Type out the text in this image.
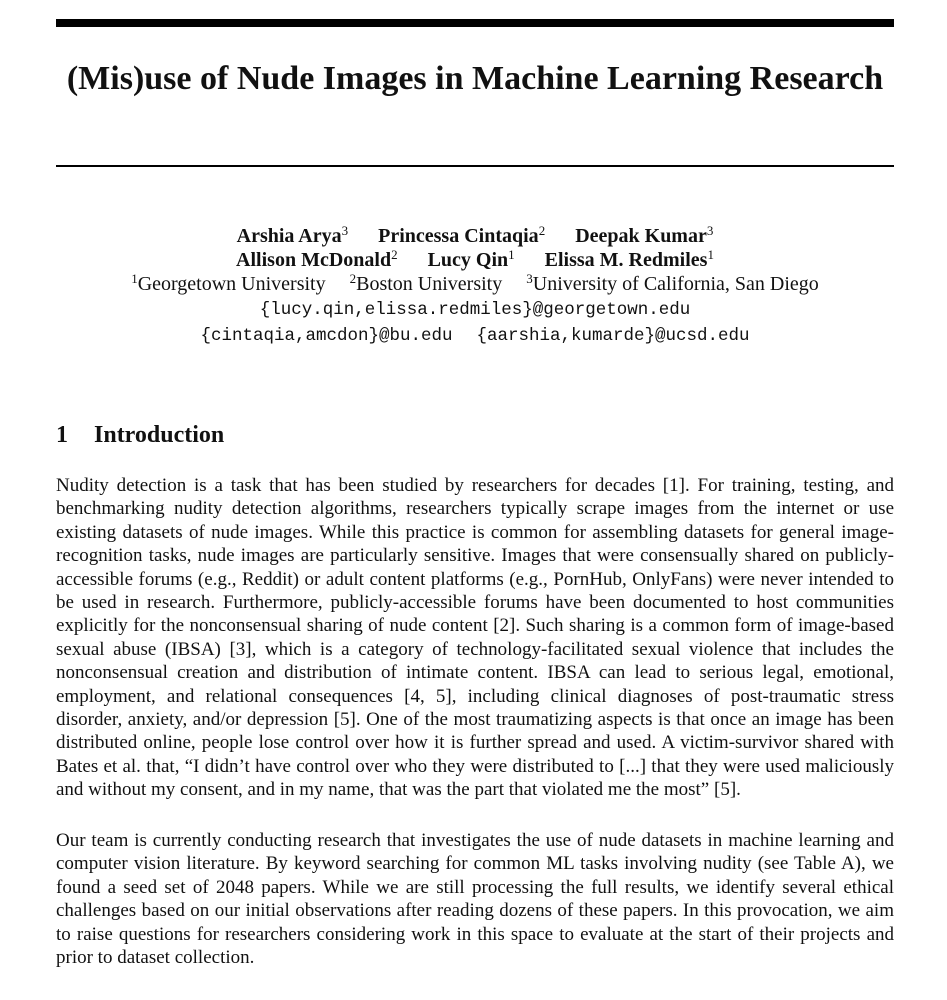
(Mis)use of Nude Images in Machine Learning Research
Arshia Arya$^3$ Princessa Cintaqia$^2$ Deepak Kumar$^3$
Allison McDonald$^2$ Lucy Qin$^1$ Elissa M. Redmiles$^1$
$^1$Georgetown University $^2$Boston University $^3$University of California, San Diego
{lucy.qin,elissa.redmiles}@georgetown.edu
{cintaqia,amcdon}@bu.edu {aarshia,kumarde}@ucsd.edu
1 Introduction

Nudity detection is a task that has been studied by researchers for decades [1]. For training, testing, and benchmarking nudity detection algorithms, researchers typically scrape images from the internet or use existing datasets of nude images. While this practice is common for assembling datasets for general image-recognition tasks, nude images are particularly sensitive. Images that were consensually shared on publicly-accessible forums (e.g., Reddit) or adult content platforms (e.g., PornHub, OnlyFans) were never intended to be used in research. Furthermore, publicly-accessible forums have been documented to host communities explicitly for the nonconsensual sharing of nude content [2]. Such sharing is a common form of image-based sexual abuse (IBSA) [3], which is a category of technology-facilitated sexual violence that includes the nonconsensual creation and distribution of intimate content. IBSA can lead to serious legal, emotional, employment, and relational consequences [4, 5], including clinical diagnoses of post-traumatic stress disorder, anxiety, and/or depression [5]. One of the most traumatizing aspects is that once an image has been distributed online, people lose control over how it is further spread and used. A victim-survivor shared with Bates et al. that, “I didn’t have control over who they were distributed to [...] that they were used maliciously and without my consent, and in my name, that was the part that violated me the most” [5].

Our team is currently conducting research that investigates the use of nude datasets in machine learning and computer vision literature. By keyword searching for common ML tasks involving nudity (see Table A), we found a seed set of 2048 papers. While we are still processing the full results, we identify several ethical challenges based on our initial observations after reading dozens of these papers. In this provocation, we aim to raise questions for researchers considering work in this space to evaluate at the start of their projects and prior to dataset collection.
